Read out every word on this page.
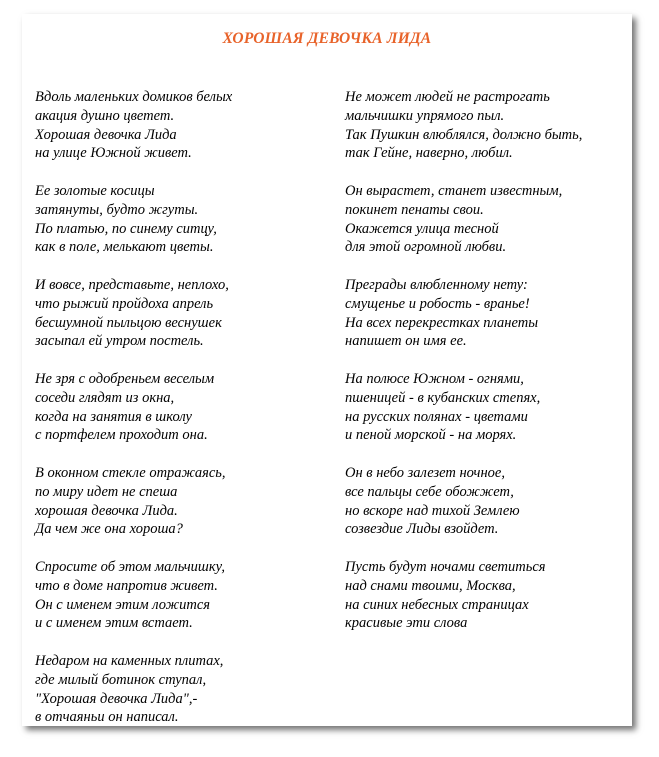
ХОРОШАЯ ДЕВОЧКА ЛИДА
Вдоль маленьких домиков белых
акация душно цветет.
Хорошая девочка Лида
на улице Южной живет.
Ее золотые косицы
затянуты, будто жгуты.
По платью, по синему ситцу,
как в поле, мелькают цветы.
И вовсе, представьте, неплохо,
что рыжий пройдоха апрель
бесшумной пыльцою веснушек
засыпал ей утром постель.
Не зря с одобреньем веселым
соседи глядят из окна,
когда на занятия в школу
с портфелем проходит она.
В оконном стекле отражаясь,
по миру идет не спеша
хорошая девочка Лида.
Да чем же она хороша?
Спросите об этом мальчишку,
что в доме напротив живет.
Он с именем этим ложится
и с именем этим встает.
Недаром на каменных плитах,
где милый ботинок ступал,
"Хорошая девочка Лида",-
в отчаяньи он написал.
Не может людей не растрогать
мальчишки упрямого пыл.
Так Пушкин влюблялся, должно быть,
так Гейне, наверно, любил.
Он вырастет, станет известным,
покинет пенаты свои.
Окажется улица тесной
для этой огромной любви.
Преграды влюбленному нету:
смущенье и робость - вранье!
На всех перекрестках планеты
напишет он имя ее.
На полюсе Южном - огнями,
пшеницей - в кубанских степях,
на русских полянах - цветами
и пеной морской - на морях.
Он в небо залезет ночное,
все пальцы себе обожжет,
но вскоре над тихой Землею
созвездие Лиды взойдет.
Пусть будут ночами светиться
над снами твоими, Москва,
на синих небесных страницах
красивые эти слова
